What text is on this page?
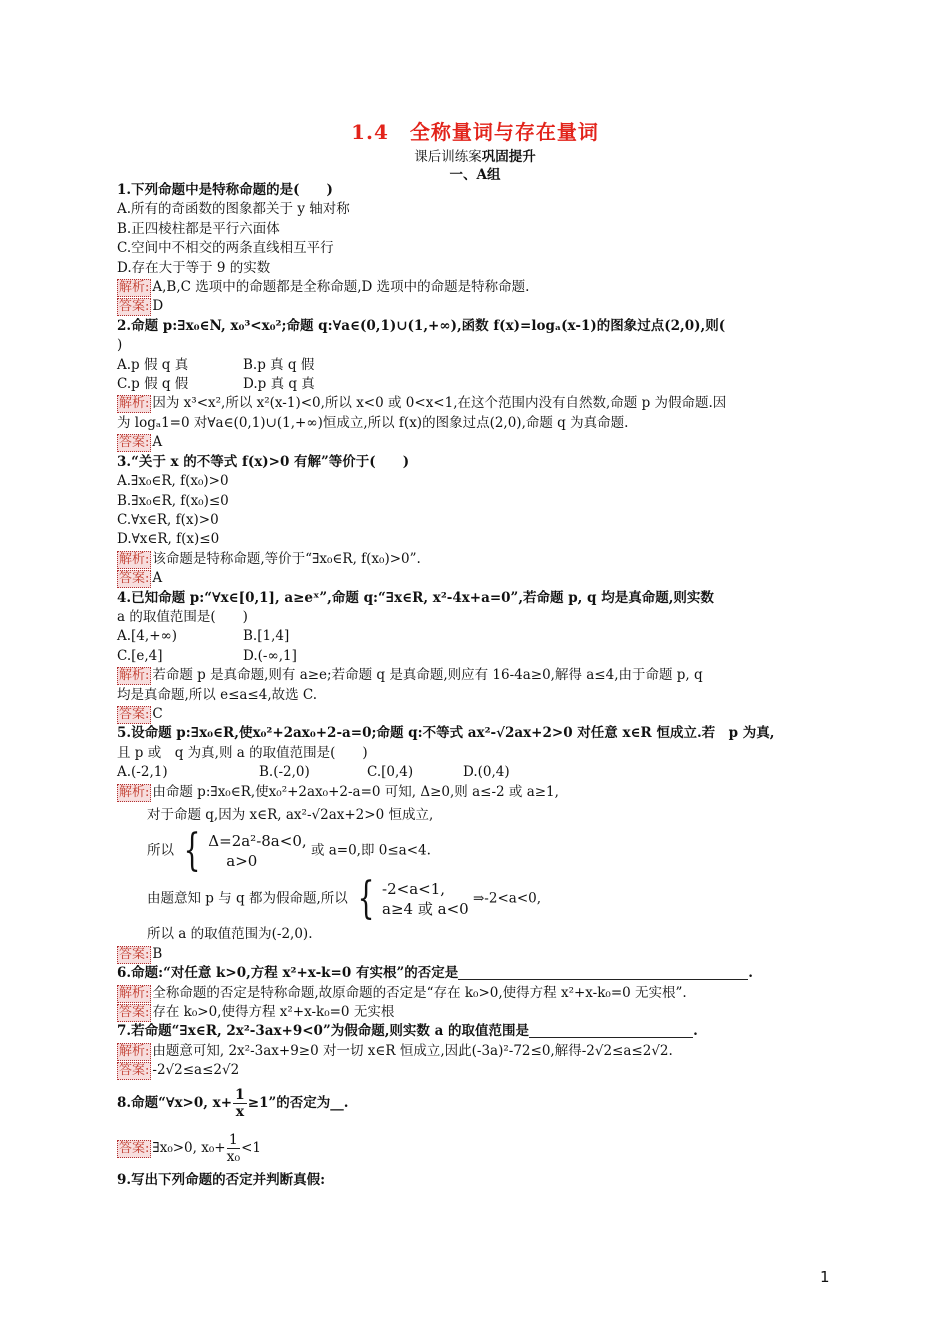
1.4　全称量词与存在量词
课后训练案巩固提升
一、A组
1.下列命题中是特称命题的是(　　)
A.所有的奇函数的图象都关于 y 轴对称
B.正四棱柱都是平行六面体
C.空间中不相交的两条直线相互平行
D.存在大于等于 9 的实数
解析: A,B,C 选项中的命题都是全称命题,D 选项中的命题是特称命题.
答案: D
2.命题 p:∃x₀∈N, x₀³<x₀²;命题 q:∀a∈(0,1)∪(1,+∞),函数 f(x)=logₐ(x-1)的图象过点(2,0),则(
)
A.p 假 q 真	B.p 真 q 假
C.p 假 q 假	D.p 真 q 真
解析: 因为 x³<x²,所以 x²(x-1)<0,所以 x<0 或 0<x<1,在这个范围内没有自然数,命题 p 为假命题.因
为 logₐ1=0 对∀a∈(0,1)∪(1,+∞)恒成立,所以 f(x)的图象过点(2,0),命题 q 为真命题.
答案: A
3.“关于 x 的不等式 f(x)>0 有解”等价于(　　)
A.∃x₀∈R, f(x₀)>0
B.∃x₀∈R, f(x₀)≤0
C.∀x∈R, f(x)>0
D.∀x∈R, f(x)≤0
解析: 该命题是特称命题,等价于“∃x₀∈R, f(x₀)>0”.
答案: A
4.已知命题 p:“∀x∈[0,1], a≥eˣ”,命题 q:“∃x∈R, x²-4x+a=0”,若命题 p, q 均是真命题,则实数
a 的取值范围是(　　)
A.[4,+∞)	B.[1,4]
C.[e,4]	D.(-∞,1]
解析: 若命题 p 是真命题,则有 a≥e;若命题 q 是真命题,则应有 16-4a≥0,解得 a≤4,由于命题 p, q
均是真命题,所以 e≤a≤4,故选 C.
答案: C
5.设命题 p:∃x₀∈R,使x₀²+2ax₀+2-a=0;命题 q:不等式 ax²-√2ax+2>0 对任意 x∈R 恒成立.若　p 为真,
且 p 或　q 为真,则 a 的取值范围是(　　)
A.(-2,1)	B.(-2,0)	C.[0,4)	D.(0,4)
解析: 由命题 p:∃x₀∈R,使x₀²+2ax₀+2-a=0 可知, Δ≥0,则 a≤-2 或 a≥1,
对于命题 q,因为 x∈R, ax²-√2ax+2>0 恒成立,
所以 { Δ=2a²-8a<0,
a>0
或 a=0,即 0≤a<4.
由题意知 p 与 q 都为假命题,所以 { -2<a<1,
a≥4 或 a<0
⇒-2<a<0,
所以 a 的取值范围为(-2,0).
答案: B
6.命题:“对任意 k>0,方程 x²+x-k=0 有实根”的否定是	.
解析: 全称命题的否定是特称命题,故原命题的否定是“存在 k₀>0,使得方程 x²+x-k₀=0 无实根”.
答案: 存在 k₀>0,使得方程 x²+x-k₀=0 无实根
7.若命题“∃x∈R, 2x²-3ax+9<0”为假命题,则实数 a 的取值范围是	.
解析: 由题意可知, 2x²-3ax+9≥0 对一切 x∈R 恒成立,因此(-3a)²-72≤0,解得-2√2≤a≤2√2.
答案: -2√2≤a≤2√2
8.命题“∀x>0, $x+ \frac{1}{x} \ge 1$”的否定为__.
答案: ∃x₀>0, $x_0+ \frac{1}{\text{x₀}} <1$
9.写出下列命题的否定并判断真假:
1
